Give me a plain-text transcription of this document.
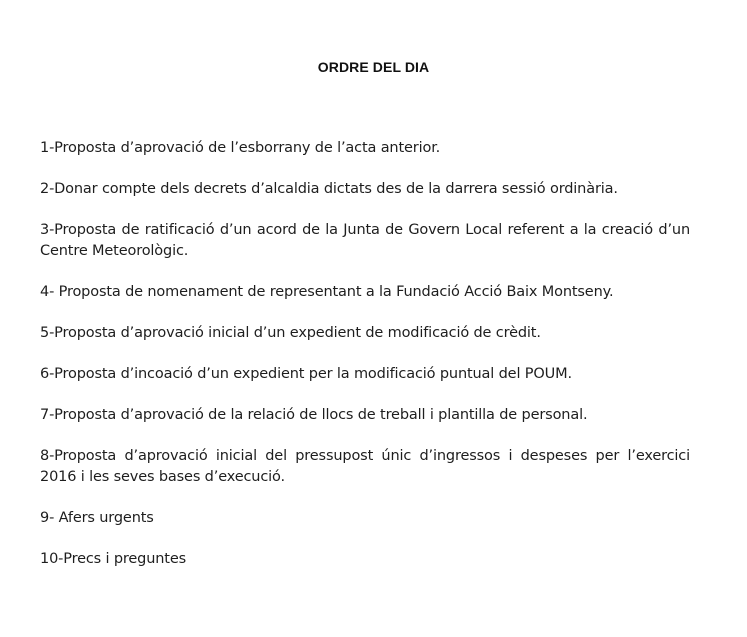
ORDRE DEL DIA
1-Proposta d’aprovació de l’esborrany de l’acta anterior.
2-Donar compte dels decrets d’alcaldia dictats des de la darrera sessió ordinària.
3-Proposta de ratificació d’un acord de la Junta de Govern Local referent a la creació d’un Centre Meteorològic.
4- Proposta de nomenament de representant a la Fundació Acció Baix Montseny.
5-Proposta d’aprovació inicial d’un expedient de modificació de crèdit.
6-Proposta d’incoació d’un expedient per la modificació puntual del POUM.
7-Proposta d’aprovació de la relació de llocs de treball i plantilla de personal.
8-Proposta d’aprovació inicial del pressupost únic d’ingressos i despeses per l’exercici 2016 i les seves bases d’execució.
9- Afers urgents
10-Precs i preguntes
